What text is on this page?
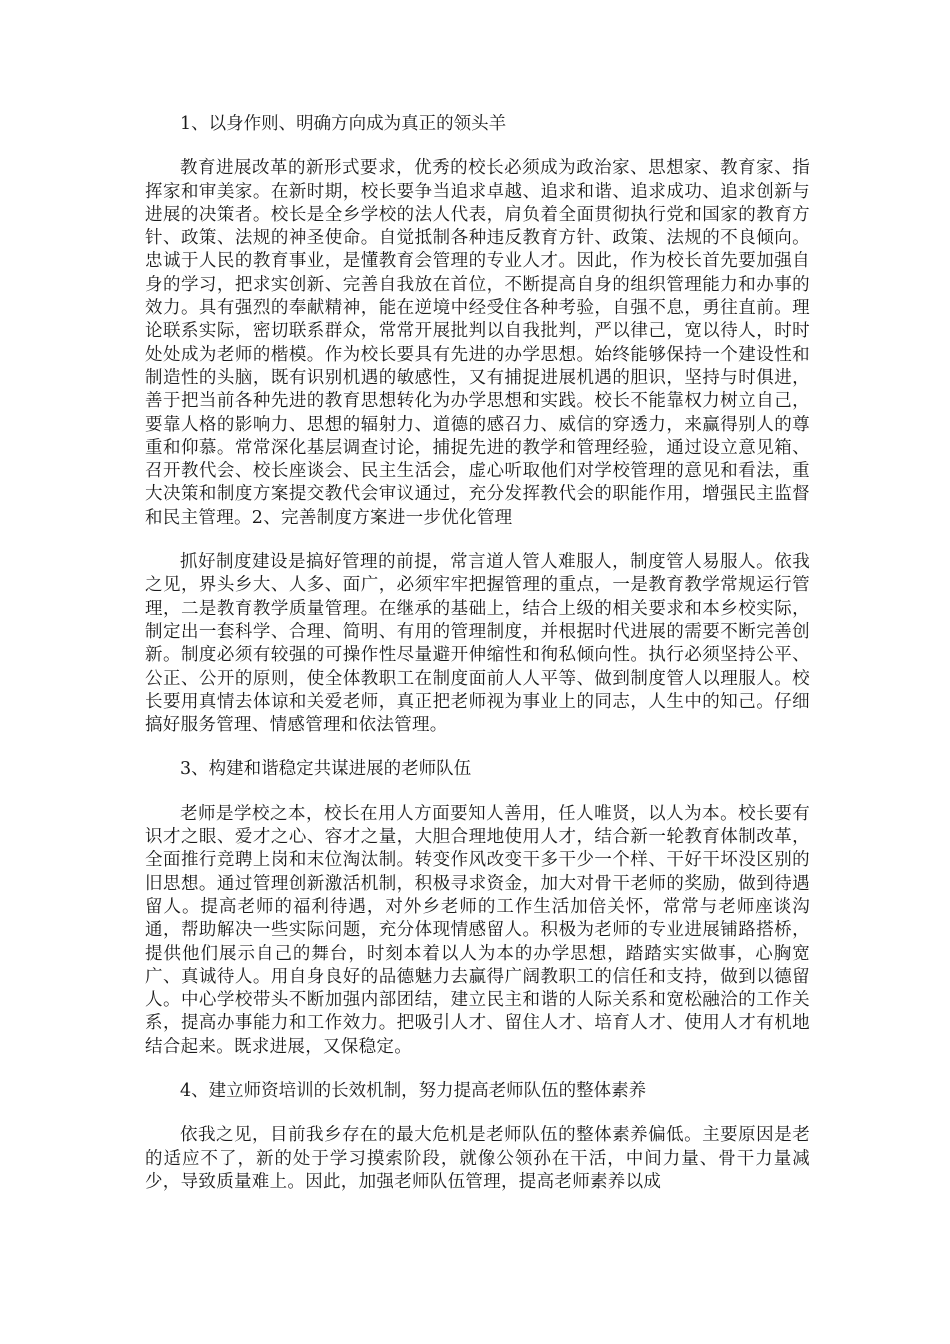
1、以身作则、明确方向成为真正的领头羊

教育进展改革的新形式要求，优秀的校长必须成为政治家、思想家、教育家、指挥家和审美家。在新时期，校长要争当追求卓越、追求和谐、追求成功、追求创新与进展的决策者。校长是全乡学校的法人代表，肩负着全面贯彻执行党和国家的教育方针、政策、法规的神圣使命。自觉抵制各种违反教育方针、政策、法规的不良倾向。忠诚于人民的教育事业，是懂教育会管理的专业人才。因此，作为校长首先要加强自身的学习，把求实创新、完善自我放在首位，不断提高自身的组织管理能力和办事的效力。具有强烈的奉献精神，能在逆境中经受住各种考验，自强不息，勇往直前。理论联系实际，密切联系群众，常常开展批判以自我批判，严以律己，宽以待人，时时处处成为老师的楷模。作为校长要具有先进的办学思想。始终能够保持一个建设性和制造性的头脑，既有识别机遇的敏感性，又有捕捉进展机遇的胆识，坚持与时俱进，善于把当前各种先进的教育思想转化为办学思想和实践。校长不能靠权力树立自己，要靠人格的影响力、思想的辐射力、道德的感召力、威信的穿透力，来赢得别人的尊重和仰慕。常常深化基层调查讨论，捕捉先进的教学和管理经验，通过设立意见箱、召开教代会、校长座谈会、民主生活会，虚心听取他们对学校管理的意见和看法，重大决策和制度方案提交教代会审议通过，充分发挥教代会的职能作用，增强民主监督和民主管理。2、完善制度方案进一步优化管理

抓好制度建设是搞好管理的前提，常言道人管人难服人，制度管人易服人。依我之见，界头乡大、人多、面广，必须牢牢把握管理的重点，一是教育教学常规运行管理，二是教育教学质量管理。在继承的基础上，结合上级的相关要求和本乡校实际，制定出一套科学、合理、简明、有用的管理制度，并根据时代进展的需要不断完善创新。制度必须有较强的可操作性尽量避开伸缩性和徇私倾向性。执行必须坚持公平、公正、公开的原则，使全体教职工在制度面前人人平等、做到制度管人以理服人。校长要用真情去体谅和关爱老师，真正把老师视为事业上的同志，人生中的知己。仔细搞好服务管理、情感管理和依法管理。

3、构建和谐稳定共谋进展的老师队伍

老师是学校之本，校长在用人方面要知人善用，任人唯贤，以人为本。校长要有识才之眼、爱才之心、容才之量，大胆合理地使用人才，结合新一轮教育体制改革，全面推行竞聘上岗和末位淘汰制。转变作风改变干多干少一个样、干好干坏没区别的旧思想。通过管理创新激活机制，积极寻求资金，加大对骨干老师的奖励，做到待遇留人。提高老师的福利待遇，对外乡老师的工作生活加倍关怀，常常与老师座谈沟通，帮助解决一些实际问题，充分体现情感留人。积极为老师的专业进展铺路搭桥，提供他们展示自己的舞台，时刻本着以人为本的办学思想，踏踏实实做事，心胸宽广、真诚待人。用自身良好的品德魅力去赢得广阔教职工的信任和支持，做到以德留人。中心学校带头不断加强内部团结，建立民主和谐的人际关系和宽松融洽的工作关系，提高办事能力和工作效力。把吸引人才、留住人才、培育人才、使用人才有机地结合起来。既求进展，又保稳定。

4、建立师资培训的长效机制，努力提高老师队伍的整体素养

依我之见，目前我乡存在的最大危机是老师队伍的整体素养偏低。主要原因是老的适应不了，新的处于学习摸索阶段，就像公领孙在干活，中间力量、骨干力量减少，导致质量难上。因此，加强老师队伍管理，提高老师素养以成
